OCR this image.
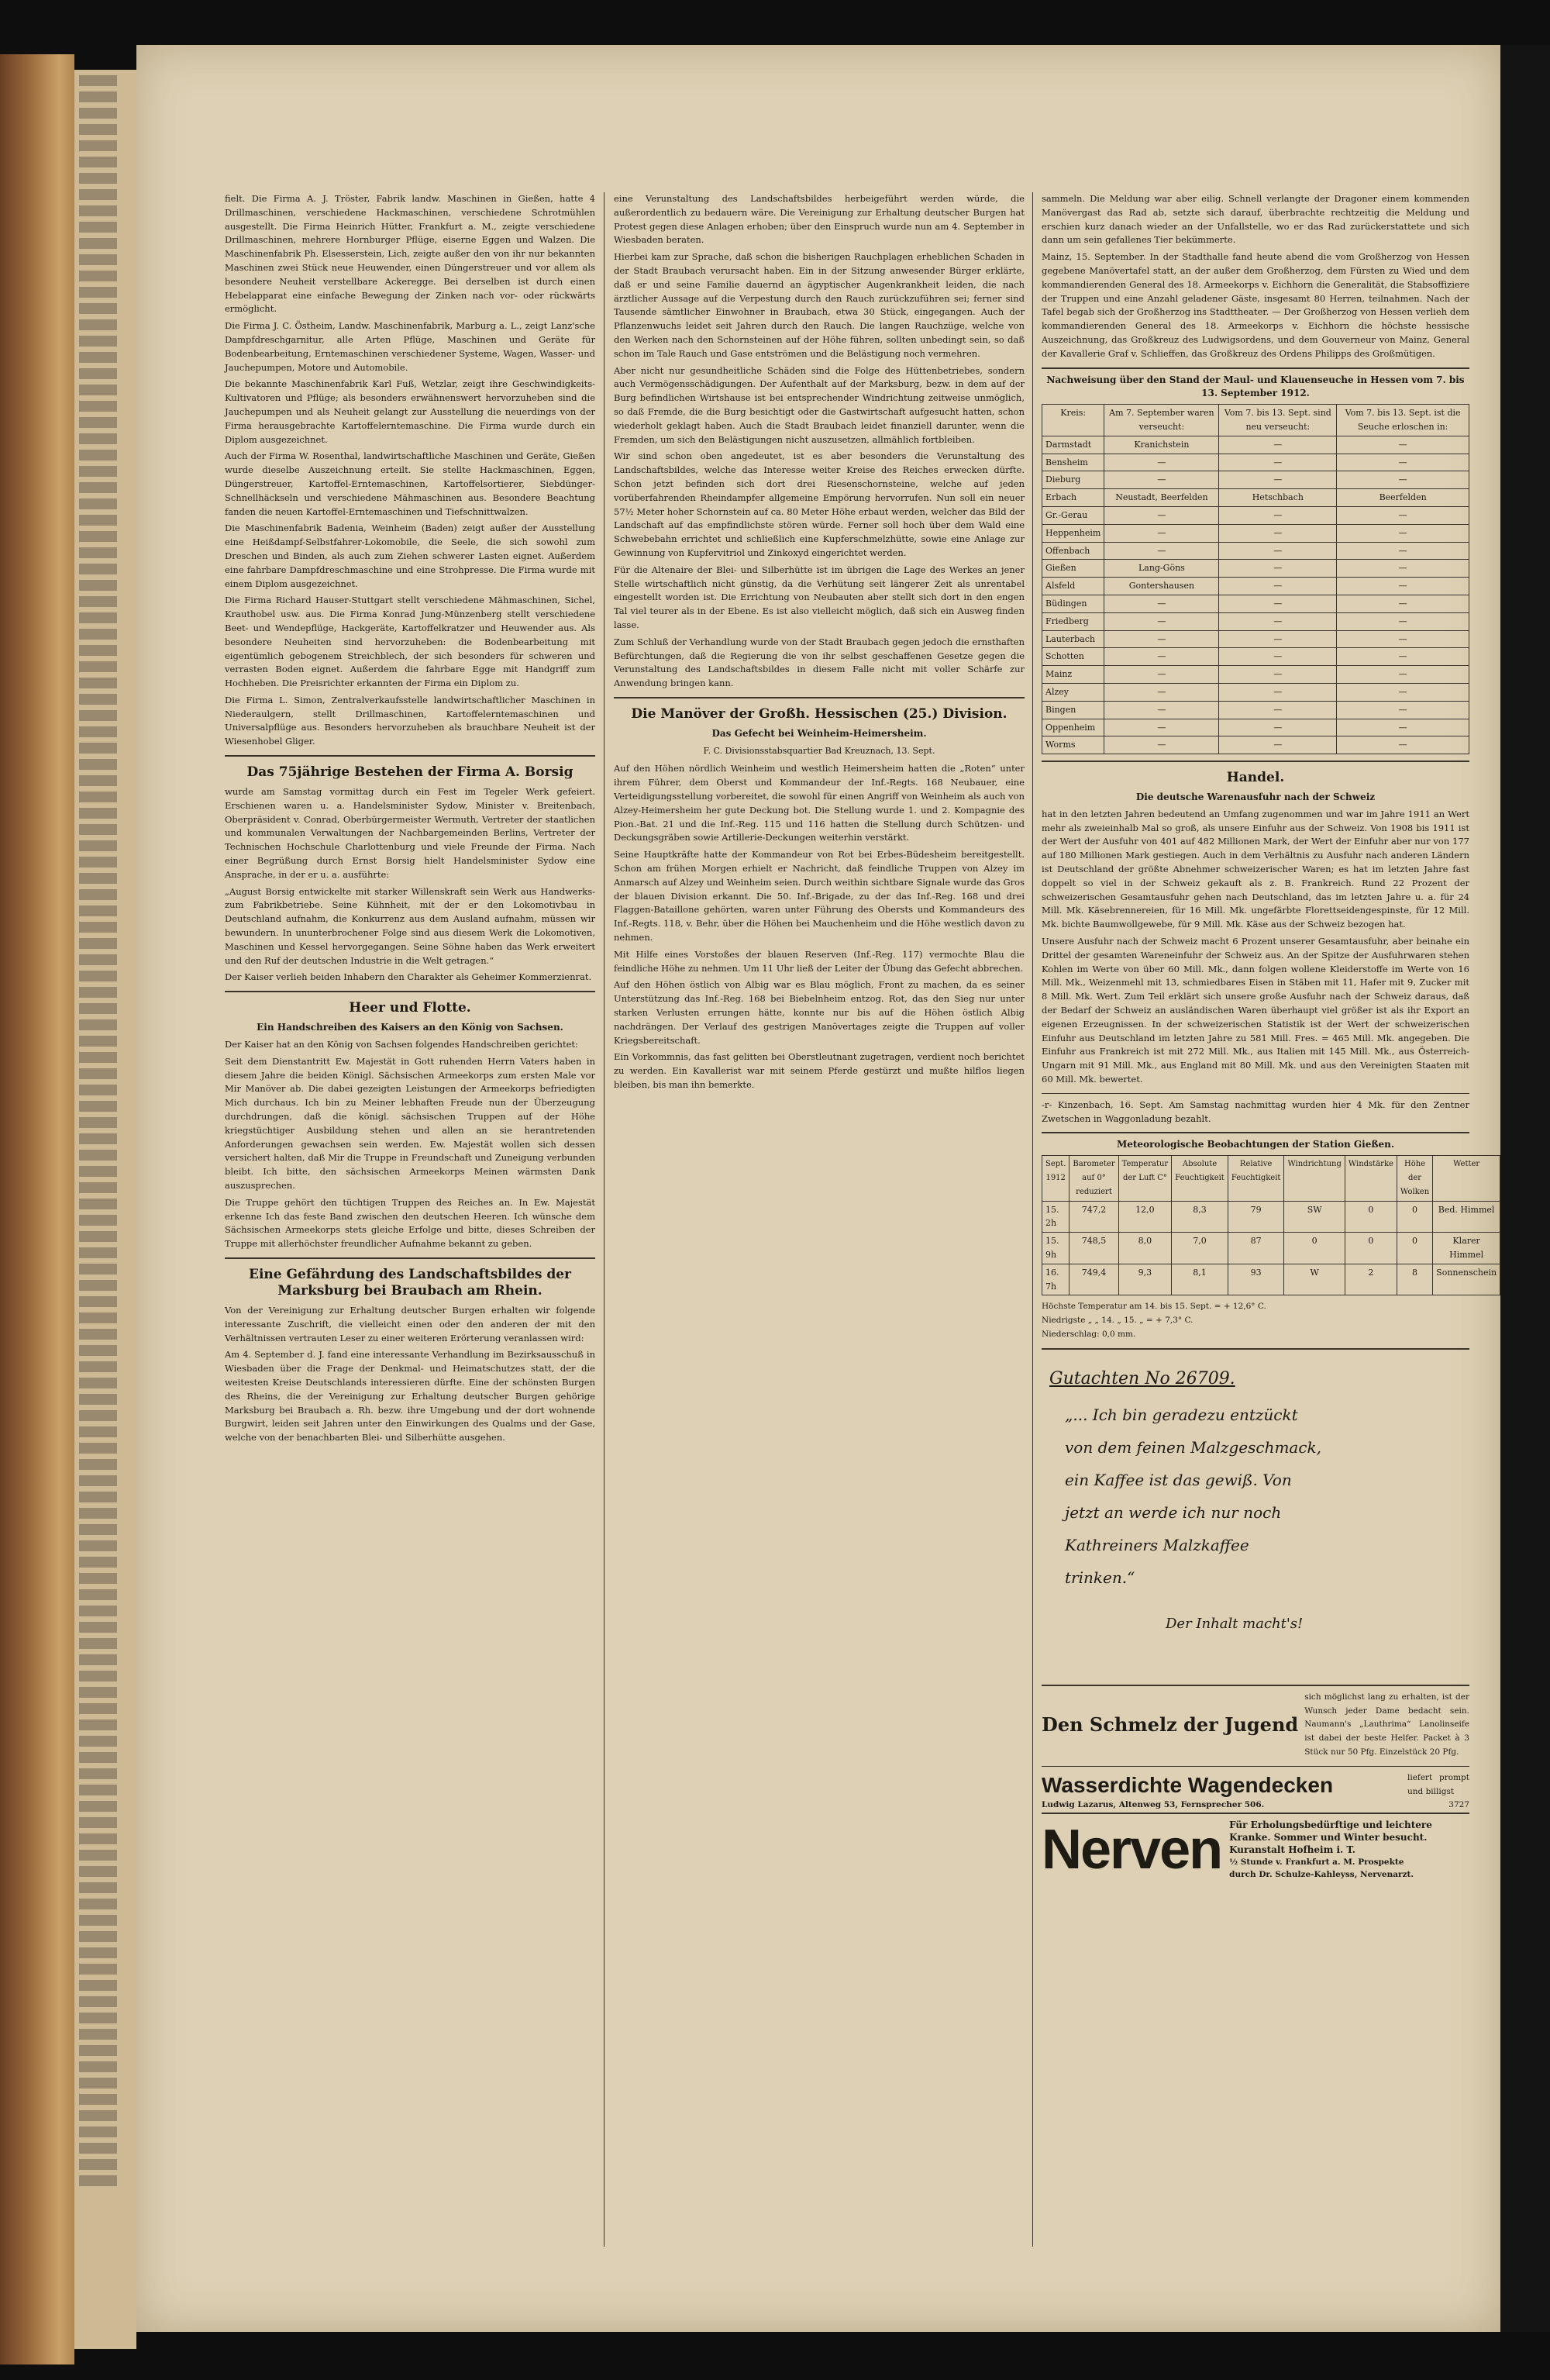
fielt. Die Firma A. J. Tröster, Fabrik landw. Maschinen in Gießen, hatte 4 Drillmaschinen, verschiedene Hackmaschinen, verschiedene Schrotmühlen ausgestellt. Die Firma Heinrich Hütter, Frankfurt a. M., zeigte verschiedene Drillmaschinen, mehrere Hornburger Pflüge, eiserne Eggen und Walzen. Die Maschinenfabrik Ph. Elsesserstein, Lich, zeigte außer den von ihr nur bekannten Maschinen zwei Stück neue Heuwender, einen Düngerstreuer und vor allem als besondere Neuheit verstellbare Ackeregge. Bei derselben ist durch einen Hebelapparat eine einfache Bewegung der Zinken nach vor- oder rückwärts ermöglicht.

Die Firma J. C. Östheim, Landw. Maschinenfabrik, Marburg a. L., zeigt Lanz'sche Dampfdreschgarnitur, alle Arten Pflüge, Maschinen und Geräte für Bodenbearbeitung, Erntemaschinen verschiedener Systeme, Wagen, Wasser- und Jauchepumpen, Motore und Automobile.

Die bekannte Maschinenfabrik Karl Fuß, Wetzlar, zeigt ihre Geschwindigkeits-Kultivatoren und Pflüge; als besonders erwähnenswert hervorzuheben sind die Jauchepumpen und als Neuheit gelangt zur Ausstellung die neuerdings von der Firma herausgebrachte Kartoffelerntemaschine. Die Firma wurde durch ein Diplom ausgezeichnet.

Auch der Firma W. Rosenthal, landwirtschaftliche Maschinen und Geräte, Gießen wurde dieselbe Auszeichnung erteilt. Sie stellte Hackmaschinen, Eggen, Düngerstreuer, Kartoffel-Erntemaschinen, Kartoffelsortierer, Siebdünger-Schnellhäckseln und verschiedene Mähmaschinen aus. Besondere Beachtung fanden die neuen Kartoffel-Erntemaschinen und Tiefschnittwalzen.

Die Maschinenfabrik Badenia, Weinheim (Baden) zeigt außer der Ausstellung eine Heißdampf-Selbstfahrer-Lokomobile, die Seele, die sich sowohl zum Dreschen und Binden, als auch zum Ziehen schwerer Lasten eignet. Außerdem eine fahrbare Dampfdreschmaschine und eine Strohpresse. Die Firma wurde mit einem Diplom ausgezeichnet.

Die Firma Richard Hauser-Stuttgart stellt verschiedene Mähmaschinen, Sichel, Krauthobel usw. aus. Die Firma Konrad Jung-Münzenberg stellt verschiedene Beet- und Wendepflüge, Hackgeräte, Kartoffelkratzer und Heuwender aus. Als besondere Neuheiten sind hervorzuheben: die Bodenbearbeitung mit eigentümlich gebogenem Streichblech, der sich besonders für schweren und verrasten Boden eignet. Außerdem die fahrbare Egge mit Handgriff zum Hochheben. Die Preisrichter erkannten der Firma ein Diplom zu.

Die Firma L. Simon, Zentralverkaufsstelle landwirtschaftlicher Maschinen in Niederaulgern, stellt Drillmaschinen, Kartoffelerntemaschinen und Universalpflüge aus. Besonders hervorzuheben als brauchbare Neuheit ist der Wiesenhobel Gliger.

Das 75jährige Bestehen der Firma A. Borsig

wurde am Samstag vormittag durch ein Fest im Tegeler Werk gefeiert. Erschienen waren u. a. Handelsminister Sydow, Minister v. Breitenbach, Oberpräsident v. Conrad, Oberbürgermeister Wermuth, Vertreter der staatlichen und kommunalen Verwaltungen der Nachbargemeinden Berlins, Vertreter der Technischen Hochschule Charlottenburg und viele Freunde der Firma. Nach einer Begrüßung durch Ernst Borsig hielt Handelsminister Sydow eine Ansprache, in der er u. a. ausführte:

„August Borsig entwickelte mit starker Willenskraft sein Werk aus Handwerks- zum Fabrikbetriebe. Seine Kühnheit, mit der er den Lokomotivbau in Deutschland aufnahm, die Konkurrenz aus dem Ausland aufnahm, müssen wir bewundern. In ununterbrochener Folge sind aus diesem Werk die Lokomotiven, Maschinen und Kessel hervorgegangen. Seine Söhne haben das Werk erweitert und den Ruf der deutschen Industrie in die Welt getragen.“

Der Kaiser verlieh beiden Inhabern den Charakter als Geheimer Kommerzienrat.

Heer und Flotte.
Ein Handschreiben des Kaisers an den König von Sachsen.

Der Kaiser hat an den König von Sachsen folgendes Handschreiben gerichtet:

Seit dem Dienstantritt Ew. Majestät in Gott ruhenden Herrn Vaters haben in diesem Jahre die beiden Königl. Sächsischen Armeekorps zum ersten Male vor Mir Manöver ab. Die dabei gezeigten Leistungen der Armeekorps befriedigten Mich durchaus. Ich bin zu Meiner lebhaften Freude nun der Überzeugung durchdrungen, daß die königl. sächsischen Truppen auf der Höhe kriegstüchtiger Ausbildung stehen und allen an sie herantretenden Anforderungen gewachsen sein werden. Ew. Majestät wollen sich dessen versichert halten, daß Mir die Truppe in Freundschaft und Zuneigung verbunden bleibt. Ich bitte, den sächsischen Armeekorps Meinen wärmsten Dank auszusprechen.

Die Truppe gehört den tüchtigen Truppen des Reiches an. In Ew. Majestät erkenne Ich das feste Band zwischen den deutschen Heeren. Ich wünsche dem Sächsischen Armeekorps stets gleiche Erfolge und bitte, dieses Schreiben der Truppe mit allerhöchster freundlicher Aufnahme bekannt zu geben.

Eine Gefährdung des Landschaftsbildes der Marksburg bei Braubach am Rhein.

Von der Vereinigung zur Erhaltung deutscher Burgen erhalten wir folgende interessante Zuschrift, die vielleicht einen oder den anderen der mit den Verhältnissen vertrauten Leser zu einer weiteren Erörterung veranlassen wird:

Am 4. September d. J. fand eine interessante Verhandlung im Bezirksausschuß in Wiesbaden über die Frage der Denkmal- und Heimatschutzes statt, der die weitesten Kreise Deutschlands interessieren dürfte. Eine der schönsten Burgen des Rheins, die der Vereinigung zur Erhaltung deutscher Burgen gehörige Marksburg bei Braubach a. Rh. bezw. ihre Umgebung und der dort wohnende Burgwirt, leiden seit Jahren unter den Einwirkungen des Qualms und der Gase, welche von der benachbarten Blei- und Silberhütte ausgehen.

eine Verunstaltung des Landschaftsbildes herbeigeführt werden würde, die außerordentlich zu bedauern wäre. Die Vereinigung zur Erhaltung deutscher Burgen hat Protest gegen diese Anlagen erhoben; über den Einspruch wurde nun am 4. September in Wiesbaden beraten.

Hierbei kam zur Sprache, daß schon die bisherigen Rauchplagen erheblichen Schaden in der Stadt Braubach verursacht haben. Ein in der Sitzung anwesender Bürger erklärte, daß er und seine Familie dauernd an ägyptischer Augenkrankheit leiden, die nach ärztlicher Aussage auf die Verpestung durch den Rauch zurückzuführen sei; ferner sind Tausende sämtlicher Einwohner in Braubach, etwa 30 Stück, eingegangen. Auch der Pflanzenwuchs leidet seit Jahren durch den Rauch. Die langen Rauchzüge, welche von den Werken nach den Schornsteinen auf der Höhe führen, sollten unbedingt sein, so daß schon im Tale Rauch und Gase entströmen und die Belästigung noch vermehren.

Aber nicht nur gesundheitliche Schäden sind die Folge des Hüttenbetriebes, sondern auch Vermögensschädigungen. Der Aufenthalt auf der Marksburg, bezw. in dem auf der Burg befindlichen Wirtshause ist bei entsprechender Windrichtung zeitweise unmöglich, so daß Fremde, die die Burg besichtigt oder die Gastwirtschaft aufgesucht hatten, schon wiederholt geklagt haben. Auch die Stadt Braubach leidet finanziell darunter, wenn die Fremden, um sich den Belästigungen nicht auszusetzen, allmählich fortbleiben.

Wir sind schon oben angedeutet, ist es aber besonders die Verunstaltung des Landschaftsbildes, welche das Interesse weiter Kreise des Reiches erwecken dürfte. Schon jetzt befinden sich dort drei Riesenschornsteine, welche auf jeden vorüberfahrenden Rheindampfer allgemeine Empörung hervorrufen. Nun soll ein neuer 57½ Meter hoher Schornstein auf ca. 80 Meter Höhe erbaut werden, welcher das Bild der Landschaft auf das empfindlichste stören würde. Ferner soll hoch über dem Wald eine Schwebebahn errichtet und schließlich eine Kupferschmelzhütte, sowie eine Anlage zur Gewinnung von Kupfervitriol und Zinkoxyd eingerichtet werden.

Für die Altenaire der Blei- und Silberhütte ist im übrigen die Lage des Werkes an jener Stelle wirtschaftlich nicht günstig, da die Verhütung seit längerer Zeit als unrentabel eingestellt worden ist. Die Errichtung von Neubauten aber stellt sich dort in den engen Tal viel teurer als in der Ebene. Es ist also vielleicht möglich, daß sich ein Ausweg finden lasse.

Zum Schluß der Verhandlung wurde von der Stadt Braubach gegen jedoch die ernsthaften Befürchtungen, daß die Regierung die von ihr selbst geschaffenen Gesetze gegen die Verunstaltung des Landschaftsbildes in diesem Falle nicht mit voller Schärfe zur Anwendung bringen kann.

Die Manöver der Großh. Hessischen (25.) Division.
Das Gefecht bei Weinheim-Heimersheim.
F. C. Divisionsstabsquartier Bad Kreuznach, 13. Sept.

Auf den Höhen nördlich Weinheim und westlich Heimersheim hatten die „Roten“ unter ihrem Führer, dem Oberst und Kommandeur der Inf.-Regts. 168 Neubauer, eine Verteidigungsstellung vorbereitet, die sowohl für einen Angriff von Weinheim als auch von Alzey-Heimersheim her gute Deckung bot. Die Stellung wurde 1. und 2. Kompagnie des Pion.-Bat. 21 und die Inf.-Reg. 115 und 116 hatten die Stellung durch Schützen- und Deckungsgräben sowie Artillerie-Deckungen weiterhin verstärkt.

Seine Hauptkräfte hatte der Kommandeur von Rot bei Erbes-Büdesheim bereitgestellt. Schon am frühen Morgen erhielt er Nachricht, daß feindliche Truppen von Alzey im Anmarsch auf Alzey und Weinheim seien. Durch weithin sichtbare Signale wurde das Gros der blauen Division erkannt. Die 50. Inf.-Brigade, zu der das Inf.-Reg. 168 und drei Flaggen-Bataillone gehörten, waren unter Führung des Obersts und Kommandeurs des Inf.-Regts. 118, v. Behr, über die Höhen bei Mauchenheim und die Höhe westlich davon zu nehmen.

Mit Hilfe eines Vorstoßes der blauen Reserven (Inf.-Reg. 117) vermochte Blau die feindliche Höhe zu nehmen. Um 11 Uhr ließ der Leiter der Übung das Gefecht abbrechen.

Auf den Höhen östlich von Albig war es Blau möglich, Front zu machen, da es seiner Unterstützung das Inf.-Reg. 168 bei Biebelnheim entzog. Rot, das den Sieg nur unter starken Verlusten errungen hätte, konnte nur bis auf die Höhen östlich Albig nachdrängen. Der Verlauf des gestrigen Manövertages zeigte die Truppen auf voller Kriegsbereitschaft.

Ein Vorkommnis, das fast gelitten bei Oberstleutnant zugetragen, verdient noch berichtet zu werden. Ein Kavallerist war mit seinem Pferde gestürzt und mußte hilflos liegen bleiben, bis man ihn bemerkte.

sammeln. Die Meldung war aber eilig. Schnell verlangte der Dragoner einem kommenden Manövergast das Rad ab, setzte sich darauf, überbrachte rechtzeitig die Meldung und erschien kurz danach wieder an der Unfallstelle, wo er das Rad zurückerstattete und sich dann um sein gefallenes Tier bekümmerte.

Mainz, 15. September. In der Stadthalle fand heute abend die vom Großherzog von Hessen gegebene Manövertafel statt, an der außer dem Großherzog, dem Fürsten zu Wied und dem kommandierenden General des 18. Armeekorps v. Eichhorn die Generalität, die Stabsoffiziere der Truppen und eine Anzahl geladener Gäste, insgesamt 80 Herren, teilnahmen. Nach der Tafel begab sich der Großherzog ins Stadttheater. — Der Großherzog von Hessen verlieh dem kommandierenden General des 18. Armeekorps v. Eichhorn die höchste hessische Auszeichnung, das Großkreuz des Ludwigsordens, und dem Gouverneur von Mainz, General der Kavallerie Graf v. Schlieffen, das Großkreuz des Ordens Philipps des Großmütigen.

Nachweisung über den Stand der Maul- und Klauenseuche in Hessen vom 7. bis 13. September 1912.
Kreis:	Am 7. September waren verseucht:	Vom 7. bis 13. Sept. sind neu verseucht:	Vom 7. bis 13. Sept. ist die Seuche erloschen in:
Darmstadt	Kranichstein	—	—
Bensheim	—	—	—
Dieburg	—	—	—
Erbach	Neustadt, Beerfelden	Hetschbach	Beerfelden
Gr.-Gerau	—	—	—
Heppenheim	—	—	—
Offenbach	—	—	—
Gießen	Lang-Göns	—	—
Alsfeld	Gontershausen	—	—
Büdingen	—	—	—
Friedberg	—	—	—
Lauterbach	—	—	—
Schotten	—	—	—
Mainz	—	—	—
Alzey	—	—	—
Bingen	—	—	—
Oppenheim	—	—	—
Worms	—	—	—
Handel.
Die deutsche Warenausfuhr nach der Schweiz

hat in den letzten Jahren bedeutend an Umfang zugenommen und war im Jahre 1911 an Wert mehr als zweieinhalb Mal so groß, als unsere Einfuhr aus der Schweiz. Von 1908 bis 1911 ist der Wert der Ausfuhr von 401 auf 482 Millionen Mark, der Wert der Einfuhr aber nur von 177 auf 180 Millionen Mark gestiegen. Auch in dem Verhältnis zu Ausfuhr nach anderen Ländern ist Deutschland der größte Abnehmer schweizerischer Waren; es hat im letzten Jahre fast doppelt so viel in der Schweiz gekauft als z. B. Frankreich. Rund 22 Prozent der schweizerischen Gesamtausfuhr gehen nach Deutschland, das im letzten Jahre u. a. für 24 Mill. Mk. Käsebrennereien, für 16 Mill. Mk. ungefärbte Florettseidengespinste, für 12 Mill. Mk. bichte Baumwollgewebe, für 9 Mill. Mk. Käse aus der Schweiz bezogen hat.

Unsere Ausfuhr nach der Schweiz macht 6 Prozent unserer Gesamtausfuhr, aber beinahe ein Drittel der gesamten Wareneinfuhr der Schweiz aus. An der Spitze der Ausfuhrwaren stehen Kohlen im Werte von über 60 Mill. Mk., dann folgen wollene Kleiderstoffe im Werte von 16 Mill. Mk., Weizenmehl mit 13, schmiedbares Eisen in Stäben mit 11, Hafer mit 9, Zucker mit 8 Mill. Mk. Wert. Zum Teil erklärt sich unsere große Ausfuhr nach der Schweiz daraus, daß der Bedarf der Schweiz an ausländischen Waren überhaupt viel größer ist als ihr Export an eigenen Erzeugnissen. In der schweizerischen Statistik ist der Wert der schweizerischen Einfuhr aus Deutschland im letzten Jahre zu 581 Mill. Fres. = 465 Mill. Mk. angegeben. Die Einfuhr aus Frankreich ist mit 272 Mill. Mk., aus Italien mit 145 Mill. Mk., aus Österreich-Ungarn mit 91 Mill. Mk., aus England mit 80 Mill. Mk. und aus den Vereinigten Staaten mit 60 Mill. Mk. bewertet.

-r- Kinzenbach, 16. Sept. Am Samstag nachmittag wurden hier 4 Mk. für den Zentner Zwetschen in Waggonladung bezahlt.

Meteorologische Beobachtungen der Station Gießen.
Sept. 1912	Barometer auf 0° reduziert	Temperatur der Luft C°	Absolute Feuchtigkeit	Relative Feuchtigkeit	Windrichtung	Windstärke	Höhe der Wolken	Wetter
15. 2h	747,2	12,0	8,3	79	SW	0	0	Bed. Himmel
15. 9h	748,5	8,0	7,0	87	0	0	0	Klarer Himmel
16. 7h	749,4	9,3	8,1	93	W	2	8	Sonnenschein
Höchste Temperatur am 14. bis 15. Sept. = + 12,6° C.
Niedrigste „ „ 14. „ 15. „ = + 7,3° C.
Niederschlag: 0,0 mm.
Gutachten No 26709.
„... Ich bin geradezu entzückt
von dem feinen Malzgeschmack,
ein Kaffee ist das gewiß. Von
jetzt an werde ich nur noch
Kathreiners Malzkaffee
trinken.“
Der Inhalt macht's!
Den Schmelz der Jugend
sich möglichst lang zu erhalten, ist der Wunsch jeder Dame bedacht sein. Naumann's „Lauthrima“ Lanolinseife ist dabei der beste Helfer. Packet à 3 Stück nur 50 Pfg. Einzelstück 20 Pfg.
Wasserdichte Wagendecken	liefert prompt und billigst
Ludwig Lazarus, Altenweg 53, Fernsprecher 506.	3727
Nerven Für Erholungsbedürftige und leichtere
Kranke. Sommer und Winter besucht.
Kuranstalt Hofheim i. T.
½ Stunde v. Frankfurt a. M. Prospekte
durch Dr. Schulze-Kahleyss, Nervenarzt.
